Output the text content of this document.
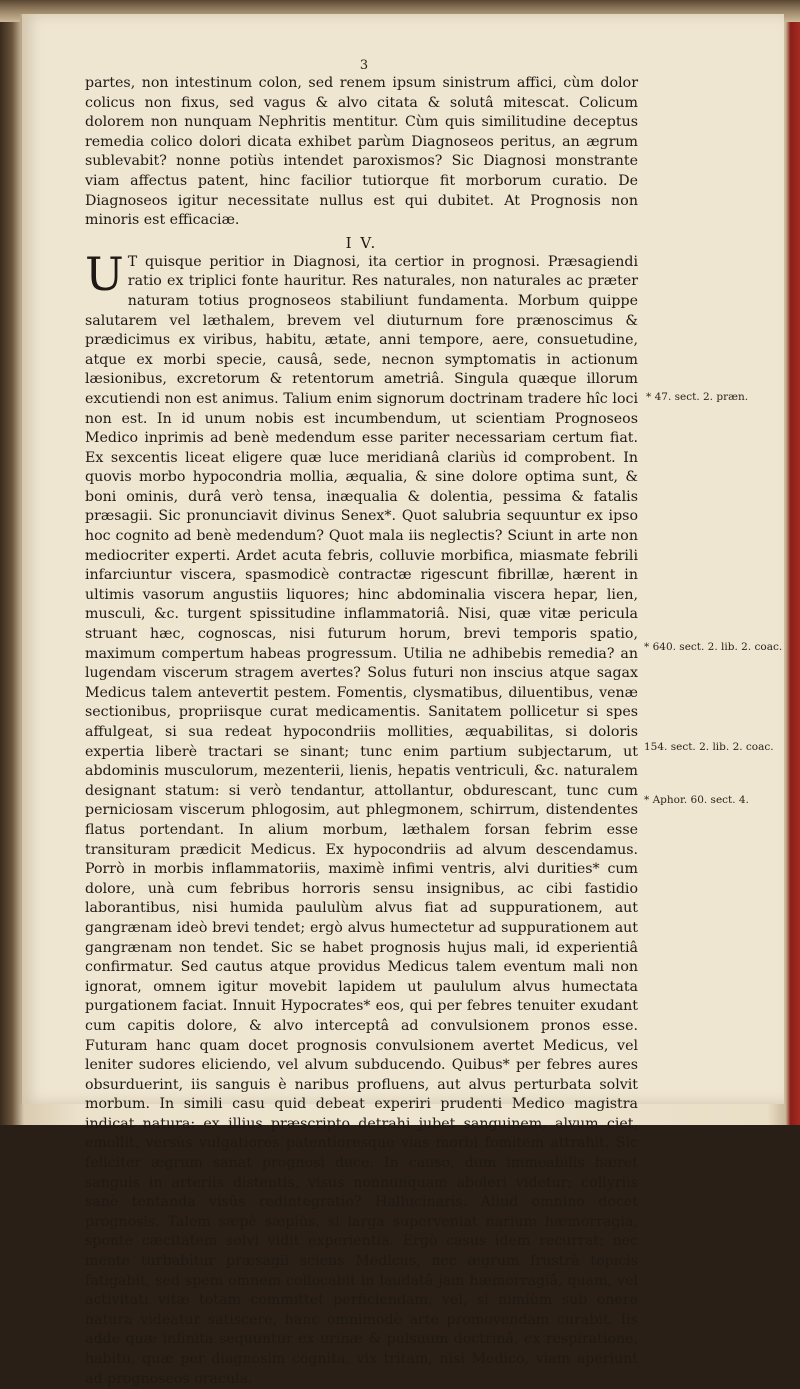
3

partes, non intestinum colon, sed renem ipsum sinistrum affici, cùm dolor colicus non fixus, sed vagus & alvo citata & solutâ mitescat. Colicum dolorem non nunquam Nephritis mentitur. Cùm quis similitudine deceptus remedia colico dolori dicata exhibet parùm Diagnoseos peritus, an ægrum sublevabit? nonne potiùs intendet paroxismos? Sic Diagnosi monstrante viam affectus patent, hinc facilior tutiorque fit morborum curatio. De Diagnoseos igitur necessitate nullus est qui dubitet. At Prognosis non minoris est efficaciæ.

I V.

U T quisque peritior in Diagnosi, ita certior in prognosi. Præsagiendi ratio ex triplici fonte hauritur. Res naturales, non naturales ac præter naturam totius prognoseos stabiliunt fundamenta. Morbum quippe salutarem vel læthalem, brevem vel diuturnum fore prænoscimus & prædicimus ex viribus, habitu, ætate, anni tempore, aere, consuetudine, atque ex morbi specie, causâ, sede, necnon symptomatis in actionum læsionibus, excretorum & retentorum ametriâ. Singula quæque illorum excutiendi non est animus. Talium enim signorum doctrinam tradere hîc loci non est. In id unum nobis est incumbendum, ut scientiam Prognoseos Medico inprimis ad benè medendum esse pariter necessariam certum fiat. Ex sexcentis liceat eligere quæ luce meridianâ clariùs id comprobent. In quovis morbo hypocondria mollia, æqualia, & sine dolore optima sunt, & boni ominis, durâ verò tensa, inæqualia & dolentia, pessima & fatalis præsagii. Sic pronunciavit divinus Senex*. Quot salubria sequuntur ex ipso hoc cognito ad benè medendum? Quot mala iis neglectis? Sciunt in arte non mediocriter experti. Ardet acuta febris, colluvie morbifica, miasmate febrili infarciuntur viscera, spasmodicè contractæ rigescunt fibrillæ, hærent in ultimis vasorum angustiis liquores; hinc abdominalia viscera hepar, lien, musculi, &c. turgent spissitudine inflammatoriâ. Nisi, quæ vitæ pericula struant hæc, cognoscas, nisi futurum horum, brevi temporis spatio, maximum compertum habeas progressum. Utilia ne adhibebis remedia? an lugendam viscerum stragem avertes? Solus futuri non inscius atque sagax Medicus talem antevertit pestem. Fomentis, clysmatibus, diluentibus, venæ sectionibus, propriisque curat medicamentis. Sanitatem pollicetur si spes affulgeat, si sua redeat hypocondriis mollities, æquabilitas, si doloris expertia liberè tractari se sinant; tunc enim partium subjectarum, ut abdominis musculorum, mezenterii, lienis, hepatis ventriculi, &c. naturalem designant statum: si verò tendantur, attollantur, obdurescant, tunc cum perniciosam viscerum phlogosim, aut phlegmonem, schirrum, distendentes flatus portendant. In alium morbum, læthalem forsan febrim esse transituram prædicit Medicus. Ex hypocondriis ad alvum descendamus. Porrò in morbis inflammatoriis, maximè infimi ventris, alvi durities* cum dolore, unà cum febribus horroris sensu insignibus, ac cibi fastidio laborantibus, nisi humida paululùm alvus fiat ad suppurationem, aut gangrænam ideò brevi tendet; ergò alvus humectetur ad suppurationem aut gangrænam non tendet. Sic se habet prognosis hujus mali, id experientiâ confirmatur. Sed cautus atque providus Medicus talem eventum mali non ignorat, omnem igitur movebit lapidem ut paululum alvus humectata purgationem faciat. Innuit Hypocrates* eos, qui per febres tenuiter exudant cum capitis dolore, & alvo interceptâ ad convulsionem pronos esse. Futuram hanc quam docet prognosis convulsionem avertet Medicus, vel leniter sudores eliciendo, vel alvum subducendo. Quibus* per febres aures obsurduerint, iis sanguis è naribus profluens, aut alvus perturbata solvit morbum. In simili casu quid debeat experiri prudenti Medico magistra indicat natura: ex illius præscripto detrahi jubet sanguinem, alvum ciet, emollit, versùs vulgatiores patentioresque vias morbi fomitem attrahit. Sic feliciter ægrum sanat prognosi duce. In causo, dum immeabilis hæret sanguis in arteriis distentis, visus nonnunquam aboleri videtur; collyriis sanè tentanda visûs redintegratio? Hallucinaris. Aliud omnino docet prognosis. Talem sæpè sæpiùs, si larga superveniat narium hæmorragia, sponte cæcitatem solvi vidit experientia. Ergò casus idem recurrat; nec mente turbabitur præsagii sciens Medicus, nec ægrum frustrà topicis fatigabit, sed spem omnem collocabit in laudatâ jam hæmorragiâ, quam, vel activitati vitæ totam committet perficiendam, vel, si nimiùm sub onere natura videatur satiscere, hanc omnimodè arte promovendam curabit. Iis adde quæ infinita sequuntur ex urinæ & pulsuum doctrinâ, ex respiratione, habitu, quæ per diagnosim cognita, vix tritam, nisi Medico, viam aperiunt ad prognoseos oracula.

* 47. sect. 2. præn.
* 640. sect. 2. lib. 2. coac.
154. sect. 2. lib. 2. coac.
* Aphor. 60. sect. 4.
